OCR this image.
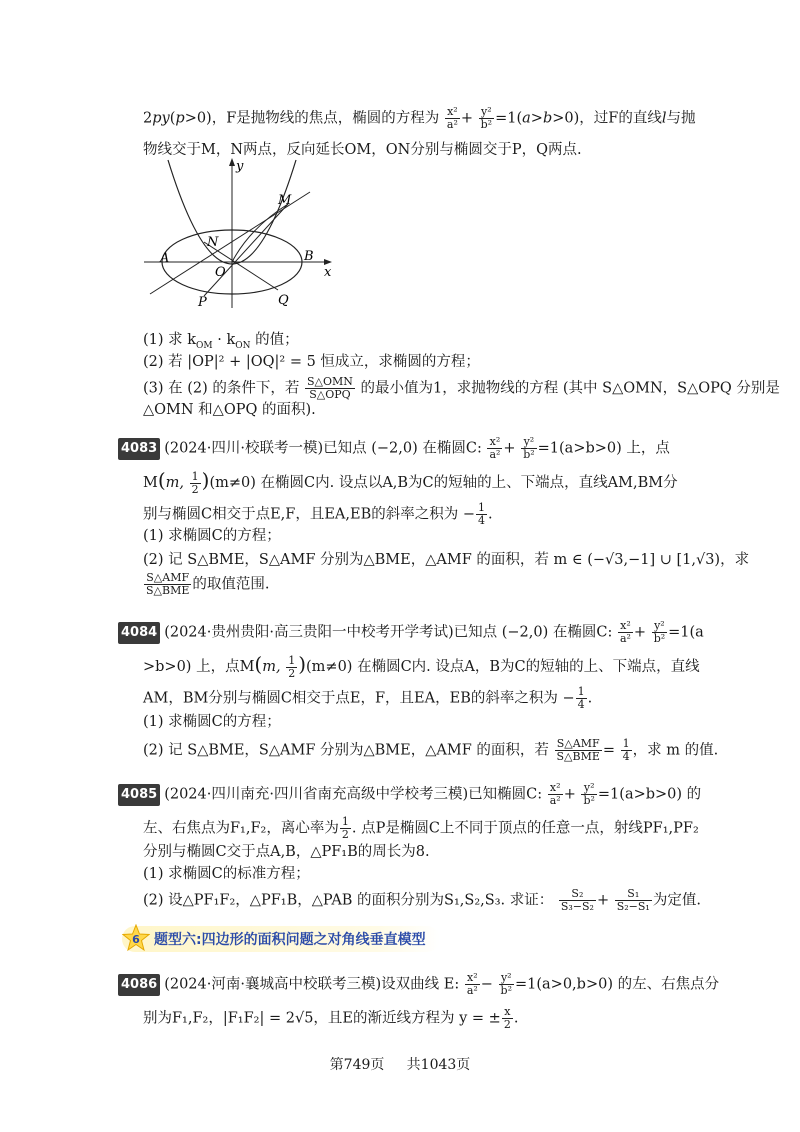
2py(p>0)，F是抛物线的焦点，椭圆的方程为 $\frac{\text{x²}}{\text{a²}} + \frac{\text{y²}}{\text{b²}} =1(a>b>0)$，过F的直线l与抛
物线交于M，N两点，反向延长OM，ON分别与椭圆交于P，Q两点.
y
x
M
N
A	B
O
P	Q
(1) 求 $k_{OM} \cdot k_{ON}$ 的值；
(2) 若 |OP|² + |OQ|² = 5 恒成立，求椭圆的方程；
(3) 在 (2) 的条件下，若 $\frac{\text{S△OMN}}{\text{S△OPQ}}$ 的最小值为1，求抛物线的方程 (其中 S△OMN，S△OPQ 分别是
△OMN 和△OPQ 的面积).
4083 (2024·四川·校联考一模)已知点 (−2,0) 在椭圆C: $\frac{\text{x²}}{\text{a²}} + \frac{\text{y²}}{\text{b²}} =1(a>b>0)$ 上，点
M(m, $\frac{1}{2} )(m\ne 0)$ 在椭圆C内. 设点以A,B为C的短轴的上、下端点，直线AM,BM分
别与椭圆C相交于点E,F，且EA,EB的斜率之积为 − $\frac{1}{4}$ .
(1) 求椭圆C的方程；
(2) 记 S△BME，S△AMF 分别为△BME，△AMF 的面积，若 m ∈ (−√3,−1] ∪ [1,√3)，求
$\frac{\text{S△AMF}}{\text{S△BME}}$ 的取值范围.
4084 (2024·贵州贵阳·高三贵阳一中校考开学考试)已知点 (−2,0) 在椭圆C: $\frac{\text{x²}}{\text{a²}} + \frac{\text{y²}}{\text{b²}} =1(a$
>b>0) 上，点M(m, $\frac{1}{2} )(m\ne 0)$ 在椭圆C内. 设点A，B为C的短轴的上、下端点，直线
AM，BM分别与椭圆C相交于点E，F，且EA，EB的斜率之积为 − $\frac{1}{4}$ .
(1) 求椭圆C的方程；
(2) 记 S△BME，S△AMF 分别为△BME，△AMF 的面积，若 $\frac{\text{S△AMF}}{\text{S△BME}} = \frac{1}{4}$ ，求 m 的值.
4085 (2024·四川南充·四川省南充高级中学校考三模)已知椭圆C: $\frac{\text{x²}}{\text{a²}} + \frac{\text{y²}}{\text{b²}} =1(a>b>0)$ 的
左、右焦点为F₁,F₂，离心率为 $\frac{1}{2}$ . 点P是椭圆C上不同于顶点的任意一点，射线PF₁,PF₂
分别与椭圆C交于点A,B，△PF₁B的周长为8.
(1) 求椭圆C的标准方程；
(2) 设△PF₁F₂，△PF₁B，△PAB 的面积分别为S₁,S₂,S₃. 求证： $\frac{\text{S₂}}{\text{S₃−S₂}} + \frac{\text{S₁}}{\text{S₂−S₁}}$ 为定值.
6 题型六:四边形的面积问题之对角线垂直模型
4086 (2024·河南·襄城高中校联考三模)设双曲线 E: $\frac{\text{x²}}{\text{a²}} - \frac{\text{y²}}{\text{b²}} =1(a>0,b>0)$ 的左、右焦点分
别为F₁,F₂，|F₁F₂| = 2√5，且E的渐近线方程为 y = ± $\frac{x}{2}$ .
第749页 共1043页
